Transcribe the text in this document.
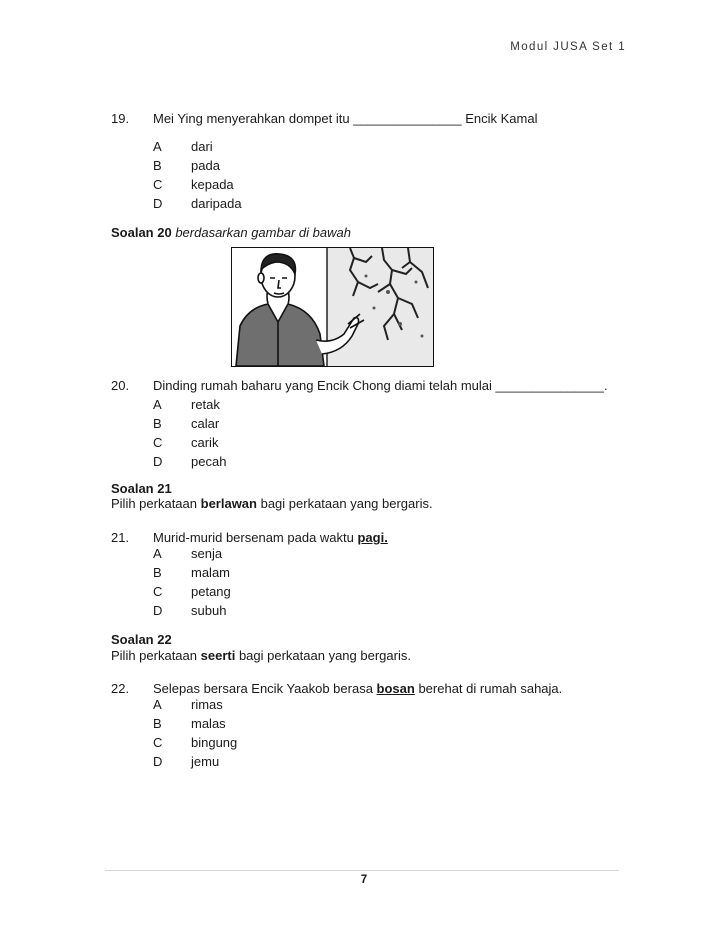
Modul JUSA Set 1
19. Mei Ying menyerahkan dompet itu _______________ Encik Kamal
A dari
B pada
C kepada
D daripada
Soalan 20 berdasarkan gambar di bawah
20. Dinding rumah baharu yang Encik Chong diami telah mulai _______________.
A retak
B calar
C carik
D pecah
Soalan 21
Pilih perkataan berlawan bagi perkataan yang bergaris.
21. Murid-murid bersenam pada waktu pagi.
A senja
B malam
C petang
D subuh
Soalan 22
Pilih perkataan seerti bagi perkataan yang bergaris.
22. Selepas bersara Encik Yaakob berasa bosan berehat di rumah sahaja.
A rimas
B malas
C bingung
D jemu
7
